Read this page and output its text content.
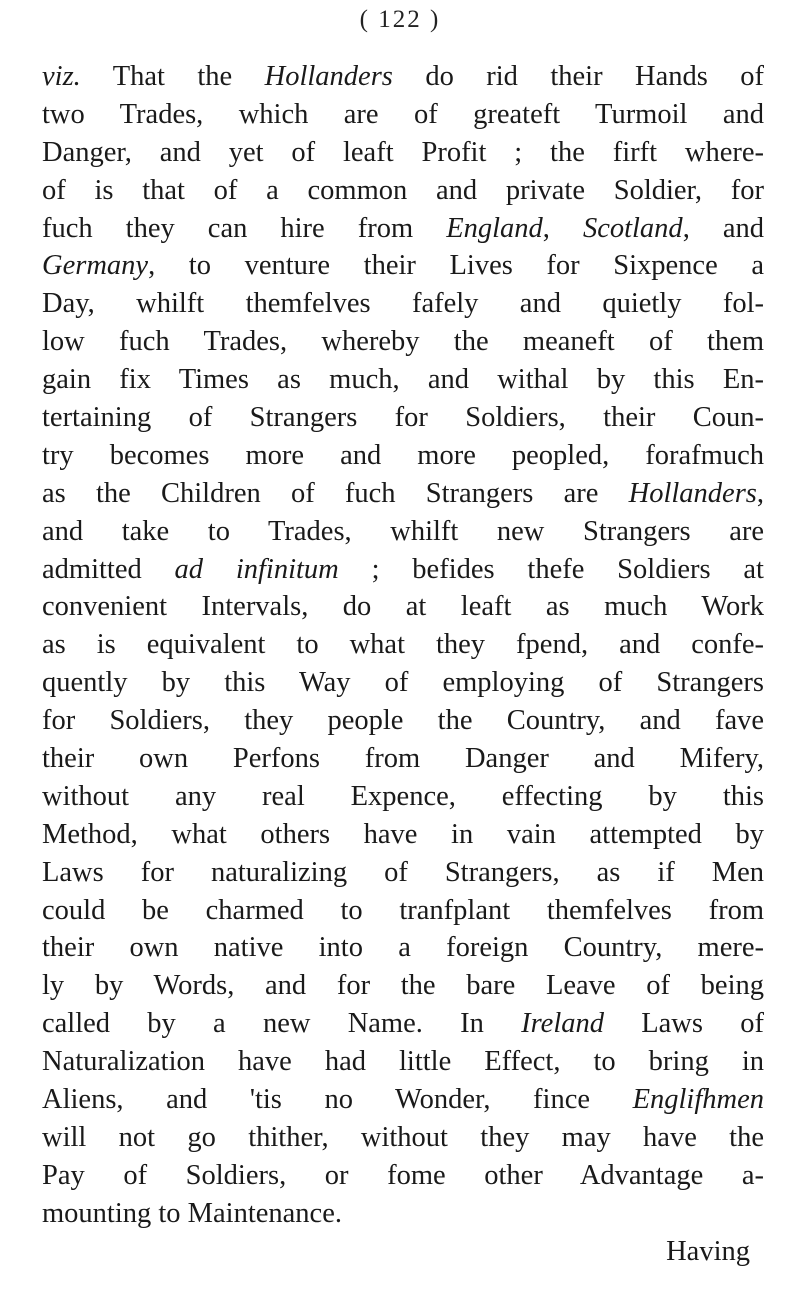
( 122 )
viz. That the Hollanders do rid their Hands of
two Trades, which are of greateft Turmoil and
Danger, and yet of leaft Profit ; the firft where-
of is that of a common and private Soldier, for
fuch they can hire from England, Scotland, and
Germany, to venture their Lives for Sixpence a
Day, whilft themfelves fafely and quietly fol-
low fuch Trades, whereby the meaneft of them
gain fix Times as much, and withal by this En-
tertaining of Strangers for Soldiers, their Coun-
try becomes more and more peopled, forafmuch
as the Children of fuch Strangers are Hollanders,
and take to Trades, whilft new Strangers are
admitted ad infinitum ; befides thefe Soldiers at
convenient Intervals, do at leaft as much Work
as is equivalent to what they fpend, and confe-
quently by this Way of employing of Strangers
for Soldiers, they people the Country, and fave
their own Perfons from Danger and Mifery,
without any real Expence, effecting by this
Method, what others have in vain attempted by
Laws for naturalizing of Strangers, as if Men
could be charmed to tranfplant themfelves from
their own native into a foreign Country, mere-
ly by Words, and for the bare Leave of being
called by a new Name. In Ireland Laws of
Naturalization have had little Effect, to bring in
Aliens, and 'tis no Wonder, fince Englifhmen
will not go thither, without they may have the
Pay of Soldiers, or fome other Advantage a-
mounting to Maintenance.
Having
